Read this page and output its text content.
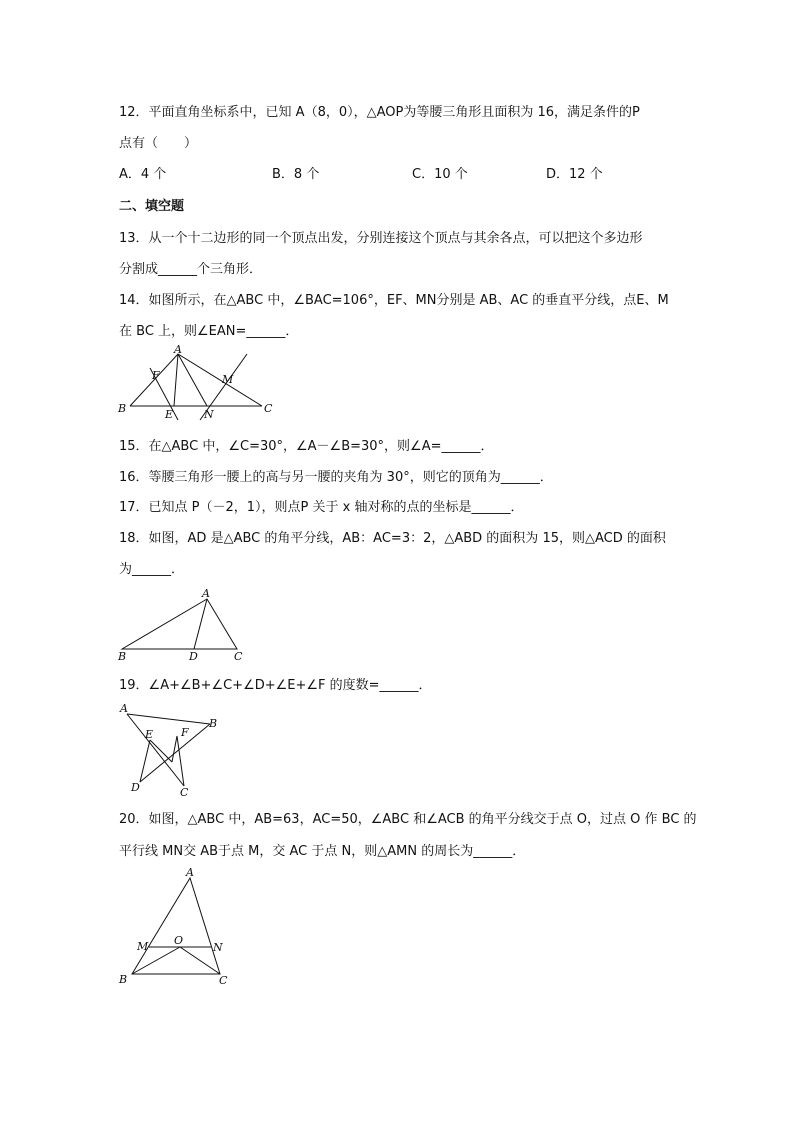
12．平面直角坐标系中，已知 A（8，0），△AOP为等腰三角形且面积为 16，满足条件的P
点有（　　）
A．4 个	B．8 个	C．10 个	D．12 个
二、填空题
13．从一个十二边形的同一个顶点出发，分别连接这个顶点与其余各点，可以把这个多边形
分割成______个三角形．
14．如图所示，在△ABC 中，∠BAC=106°，EF、MN分别是 AB、AC 的垂直平分线，点E、M
在 BC 上，则∠EAN=______．
A
B	C
E
F	M
N
15．在△ABC 中，∠C=30°，∠A－∠B=30°，则∠A=______．
16．等腰三角形一腰上的高与另一腰的夹角为 30°，则它的顶角为______．
17．已知点 P（－2，1），则点P 关于 x 轴对称的点的坐标是______．
18．如图，AD 是△ABC 的角平分线，AB：AC=3：2，△ABD 的面积为 15，则△ACD 的面积
为______．
A
B	D	C
19．∠A+∠B+∠C+∠D+∠E+∠F 的度数=______．
A
B
C
D
E	F
20．如图，△ABC 中，AB=63，AC=50，∠ABC 和∠ACB 的角平分线交于点 O，过点 O 作 BC 的
平行线 MN交 AB于点 M，交 AC 于点 N，则△AMN 的周长为______．
A
M	N
O
B	C
